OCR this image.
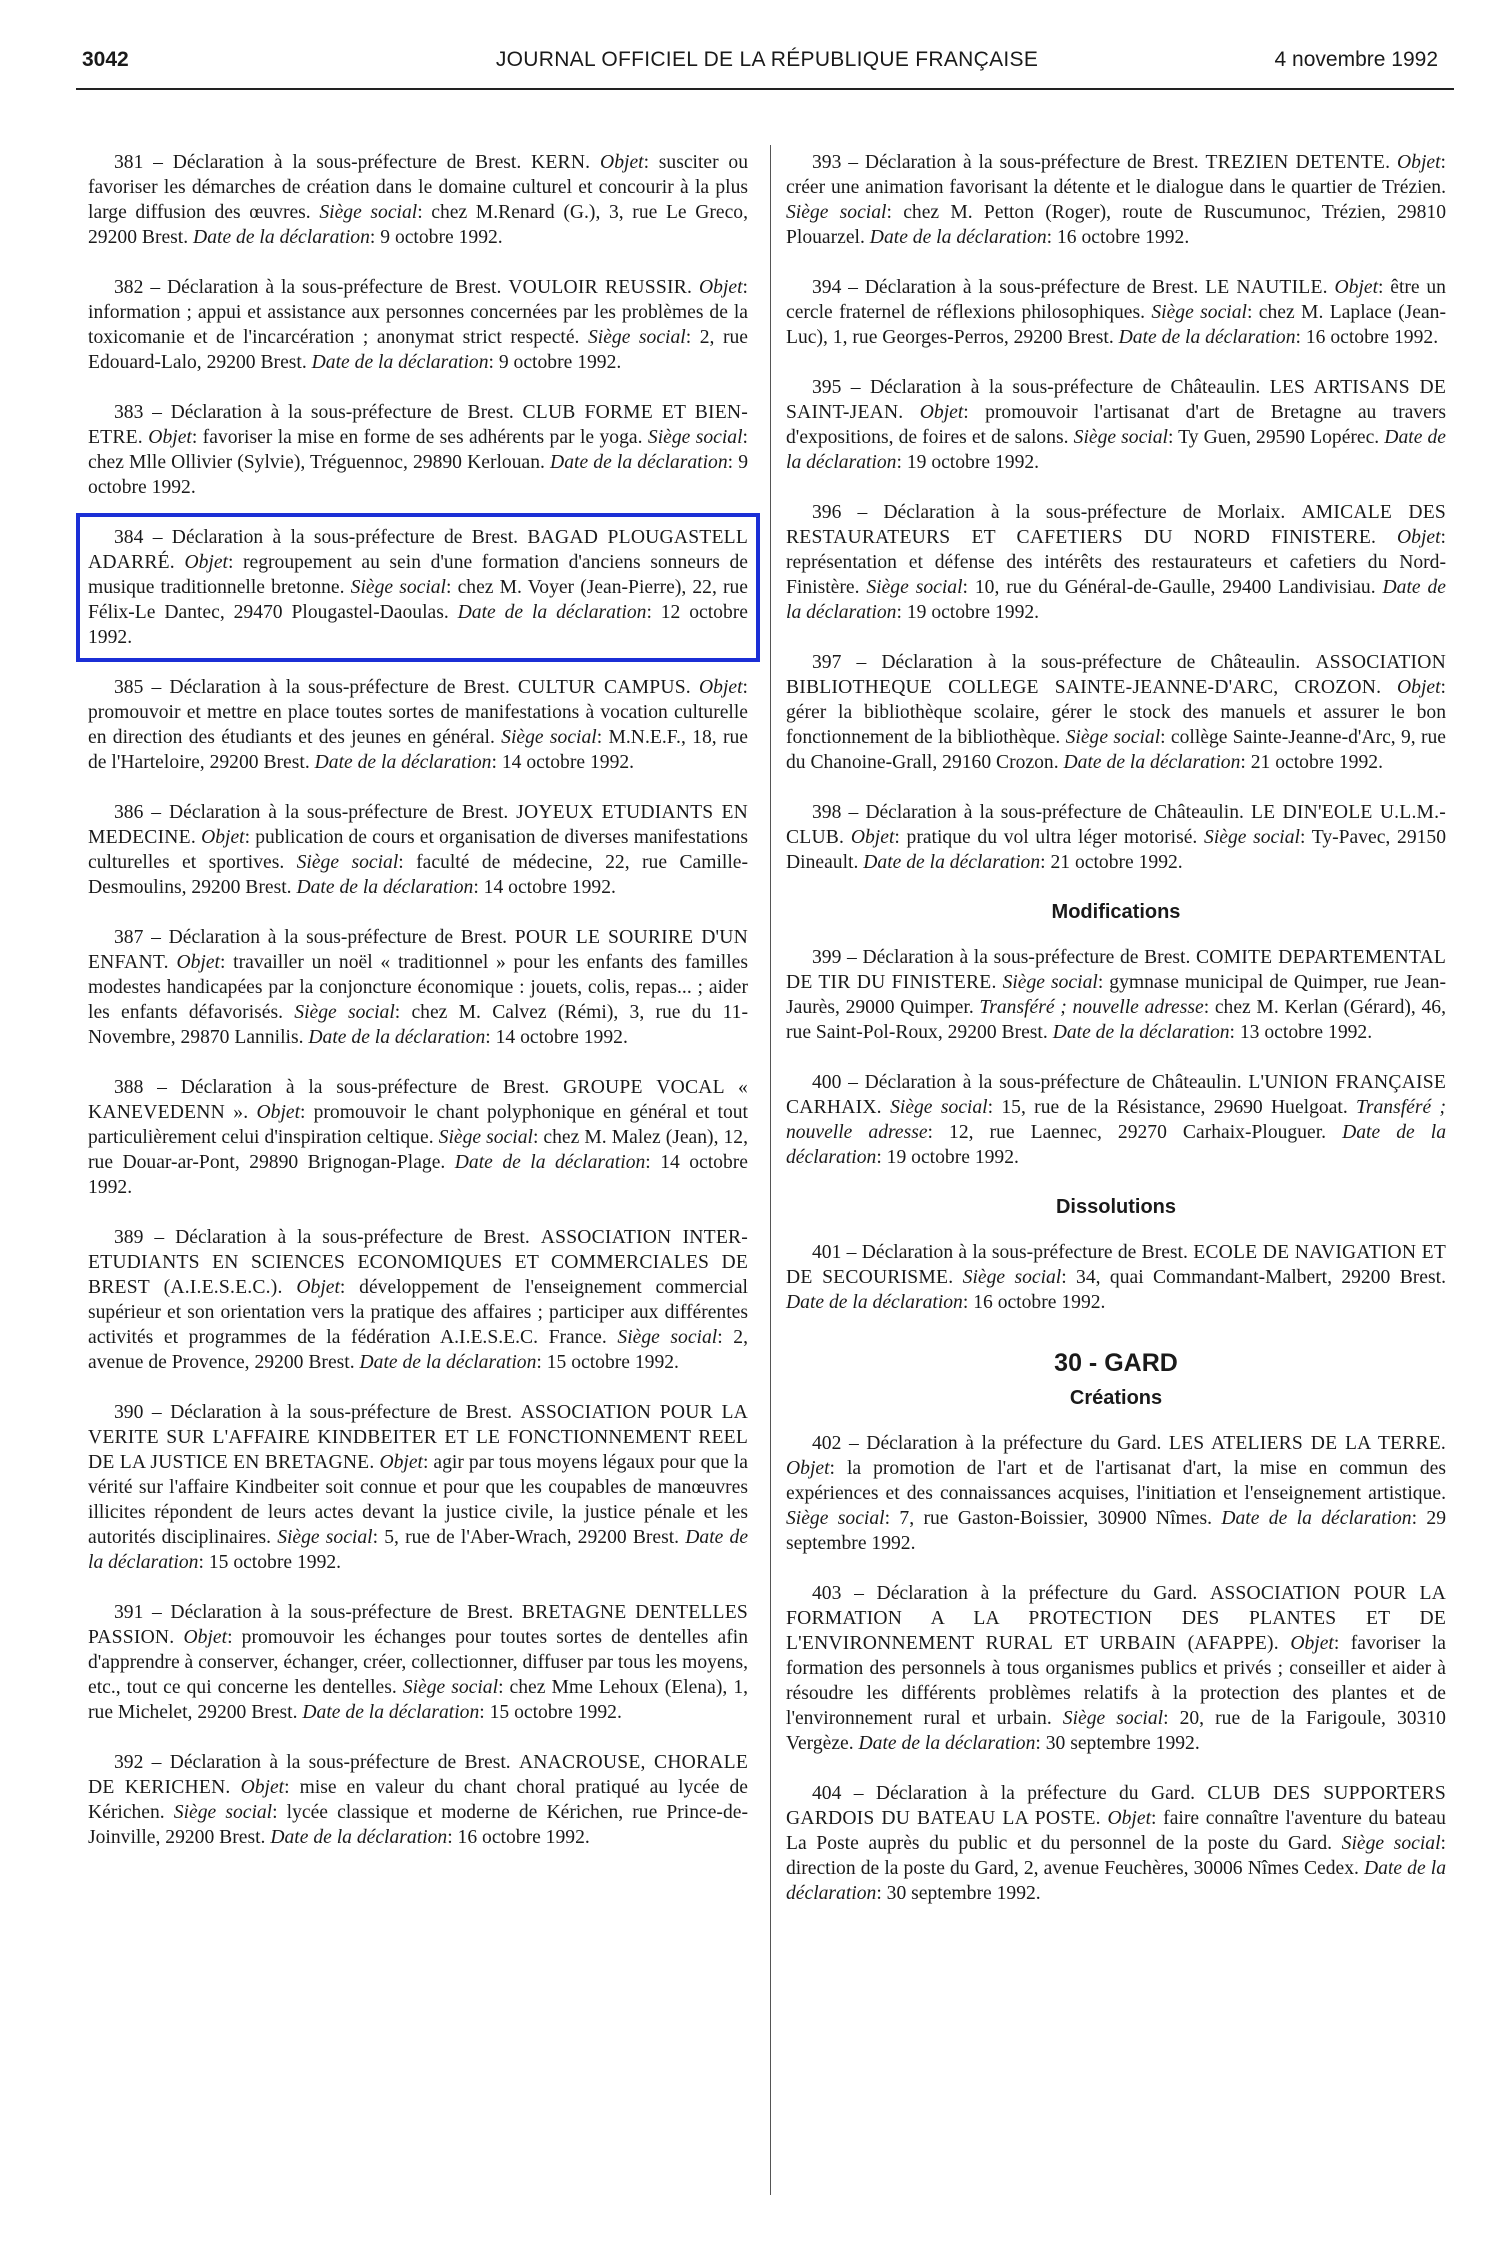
3042	JOURNAL OFFICIEL DE LA RÉPUBLIQUE FRANÇAISE	4 novembre 1992

381 – Déclaration à la sous-préfecture de Brest. KERN. Objet: susciter ou favoriser les démarches de création dans le domaine culturel et concourir à la plus large diffusion des œuvres. Siège social: chez M.Renard (G.), 3, rue Le Greco, 29200 Brest. Date de la déclaration: 9 octobre 1992.

382 – Déclaration à la sous-préfecture de Brest. VOULOIR REUSSIR. Objet: information ; appui et assistance aux personnes concernées par les problèmes de la toxicomanie et de l'incarcération ; anonymat strict respecté. Siège social: 2, rue Edouard-Lalo, 29200 Brest. Date de la déclaration: 9 octobre 1992.

383 – Déclaration à la sous-préfecture de Brest. CLUB FORME ET BIEN-ETRE. Objet: favoriser la mise en forme de ses adhérents par le yoga. Siège social: chez Mlle Ollivier (Sylvie), Tréguennoc, 29890 Kerlouan. Date de la déclaration: 9 octobre 1992.

384 – Déclaration à la sous-préfecture de Brest. BAGAD PLOUGASTELL ADARRÉ. Objet: regroupement au sein d'une formation d'anciens sonneurs de musique traditionnelle bretonne. Siège social: chez M. Voyer (Jean-Pierre), 22, rue Félix-Le Dantec, 29470 Plougastel-Daoulas. Date de la déclaration: 12 octobre 1992.

385 – Déclaration à la sous-préfecture de Brest. CULTUR CAMPUS. Objet: promouvoir et mettre en place toutes sortes de manifestations à vocation culturelle en direction des étudiants et des jeunes en général. Siège social: M.N.E.F., 18, rue de l'Harteloire, 29200 Brest. Date de la déclaration: 14 octobre 1992.

386 – Déclaration à la sous-préfecture de Brest. JOYEUX ETUDIANTS EN MEDECINE. Objet: publication de cours et organisation de diverses manifestations culturelles et sportives. Siège social: faculté de médecine, 22, rue Camille-Desmoulins, 29200 Brest. Date de la déclaration: 14 octobre 1992.

387 – Déclaration à la sous-préfecture de Brest. POUR LE SOURIRE D'UN ENFANT. Objet: travailler un noël « traditionnel » pour les enfants des familles modestes handicapées par la conjoncture économique : jouets, colis, repas... ; aider les enfants défavorisés. Siège social: chez M. Calvez (Rémi), 3, rue du 11-Novembre, 29870 Lannilis. Date de la déclaration: 14 octobre 1992.

388 – Déclaration à la sous-préfecture de Brest. GROUPE VOCAL « KANEVEDENN ». Objet: promouvoir le chant polyphonique en général et tout particulièrement celui d'inspiration celtique. Siège social: chez M. Malez (Jean), 12, rue Douar-ar-Pont, 29890 Brignogan-Plage. Date de la déclaration: 14 octobre 1992.

389 – Déclaration à la sous-préfecture de Brest. ASSOCIATION INTER-ETUDIANTS EN SCIENCES ECONOMIQUES ET COMMERCIALES DE BREST (A.I.E.S.E.C.). Objet: développement de l'enseignement commercial supérieur et son orientation vers la pratique des affaires ; participer aux différentes activités et programmes de la fédération A.I.E.S.E.C. France. Siège social: 2, avenue de Provence, 29200 Brest. Date de la déclaration: 15 octobre 1992.

390 – Déclaration à la sous-préfecture de Brest. ASSOCIATION POUR LA VERITE SUR L'AFFAIRE KINDBEITER ET LE FONCTIONNEMENT REEL DE LA JUSTICE EN BRETAGNE. Objet: agir par tous moyens légaux pour que la vérité sur l'affaire Kindbeiter soit connue et pour que les coupables de manœuvres illicites répondent de leurs actes devant la justice civile, la justice pénale et les autorités disciplinaires. Siège social: 5, rue de l'Aber-Wrach, 29200 Brest. Date de la déclaration: 15 octobre 1992.

391 – Déclaration à la sous-préfecture de Brest. BRETAGNE DENTELLES PASSION. Objet: promouvoir les échanges pour toutes sortes de dentelles afin d'apprendre à conserver, échanger, créer, collectionner, diffuser par tous les moyens, etc., tout ce qui concerne les dentelles. Siège social: chez Mme Lehoux (Elena), 1, rue Michelet, 29200 Brest. Date de la déclaration: 15 octobre 1992.

392 – Déclaration à la sous-préfecture de Brest. ANACROUSE, CHORALE DE KERICHEN. Objet: mise en valeur du chant choral pratiqué au lycée de Kérichen. Siège social: lycée classique et moderne de Kérichen, rue Prince-de-Joinville, 29200 Brest. Date de la déclaration: 16 octobre 1992.

393 – Déclaration à la sous-préfecture de Brest. TREZIEN DETENTE. Objet: créer une animation favorisant la détente et le dialogue dans le quartier de Trézien. Siège social: chez M. Petton (Roger), route de Ruscumunoc, Trézien, 29810 Plouarzel. Date de la déclaration: 16 octobre 1992.

394 – Déclaration à la sous-préfecture de Brest. LE NAUTILE. Objet: être un cercle fraternel de réflexions philosophiques. Siège social: chez M. Laplace (Jean-Luc), 1, rue Georges-Perros, 29200 Brest. Date de la déclaration: 16 octobre 1992.

395 – Déclaration à la sous-préfecture de Châteaulin. LES ARTISANS DE SAINT-JEAN. Objet: promouvoir l'artisanat d'art de Bretagne au travers d'expositions, de foires et de salons. Siège social: Ty Guen, 29590 Lopérec. Date de la déclaration: 19 octobre 1992.

396 – Déclaration à la sous-préfecture de Morlaix. AMICALE DES RESTAURATEURS ET CAFETIERS DU NORD FINISTERE. Objet: représentation et défense des intérêts des restaurateurs et cafetiers du Nord-Finistère. Siège social: 10, rue du Général-de-Gaulle, 29400 Landivisiau. Date de la déclaration: 19 octobre 1992.

397 – Déclaration à la sous-préfecture de Châteaulin. ASSOCIATION BIBLIOTHEQUE COLLEGE SAINTE-JEANNE-D'ARC, CROZON. Objet: gérer la bibliothèque scolaire, gérer le stock des manuels et assurer le bon fonctionnement de la bibliothèque. Siège social: collège Sainte-Jeanne-d'Arc, 9, rue du Chanoine-Grall, 29160 Crozon. Date de la déclaration: 21 octobre 1992.

398 – Déclaration à la sous-préfecture de Châteaulin. LE DIN'EOLE U.L.M.-CLUB. Objet: pratique du vol ultra léger motorisé. Siège social: Ty-Pavec, 29150 Dineault. Date de la déclaration: 21 octobre 1992.

Modifications

399 – Déclaration à la sous-préfecture de Brest. COMITE DEPARTEMENTAL DE TIR DU FINISTERE. Siège social: gymnase municipal de Quimper, rue Jean-Jaurès, 29000 Quimper. Transféré ; nouvelle adresse: chez M. Kerlan (Gérard), 46, rue Saint-Pol-Roux, 29200 Brest. Date de la déclaration: 13 octobre 1992.

400 – Déclaration à la sous-préfecture de Châteaulin. L'UNION FRANÇAISE CARHAIX. Siège social: 15, rue de la Résistance, 29690 Huelgoat. Transféré ; nouvelle adresse: 12, rue Laennec, 29270 Carhaix-Plouguer. Date de la déclaration: 19 octobre 1992.

Dissolutions

401 – Déclaration à la sous-préfecture de Brest. ECOLE DE NAVIGATION ET DE SECOURISME. Siège social: 34, quai Commandant-Malbert, 29200 Brest. Date de la déclaration: 16 octobre 1992.

30 - GARD
Créations

402 – Déclaration à la préfecture du Gard. LES ATELIERS DE LA TERRE. Objet: la promotion de l'art et de l'artisanat d'art, la mise en commun des expériences et des connaissances acquises, l'initiation et l'enseignement artistique. Siège social: 7, rue Gaston-Boissier, 30900 Nîmes. Date de la déclaration: 29 septembre 1992.

403 – Déclaration à la préfecture du Gard. ASSOCIATION POUR LA FORMATION A LA PROTECTION DES PLANTES ET DE L'ENVIRONNEMENT RURAL ET URBAIN (AFAPPE). Objet: favoriser la formation des personnels à tous organismes publics et privés ; conseiller et aider à résoudre les différents problèmes relatifs à la protection des plantes et de l'environnement rural et urbain. Siège social: 20, rue de la Farigoule, 30310 Vergèze. Date de la déclaration: 30 septembre 1992.

404 – Déclaration à la préfecture du Gard. CLUB DES SUPPORTERS GARDOIS DU BATEAU LA POSTE. Objet: faire connaître l'aventure du bateau La Poste auprès du public et du personnel de la poste du Gard. Siège social: direction de la poste du Gard, 2, avenue Feuchères, 30006 Nîmes Cedex. Date de la déclaration: 30 septembre 1992.
